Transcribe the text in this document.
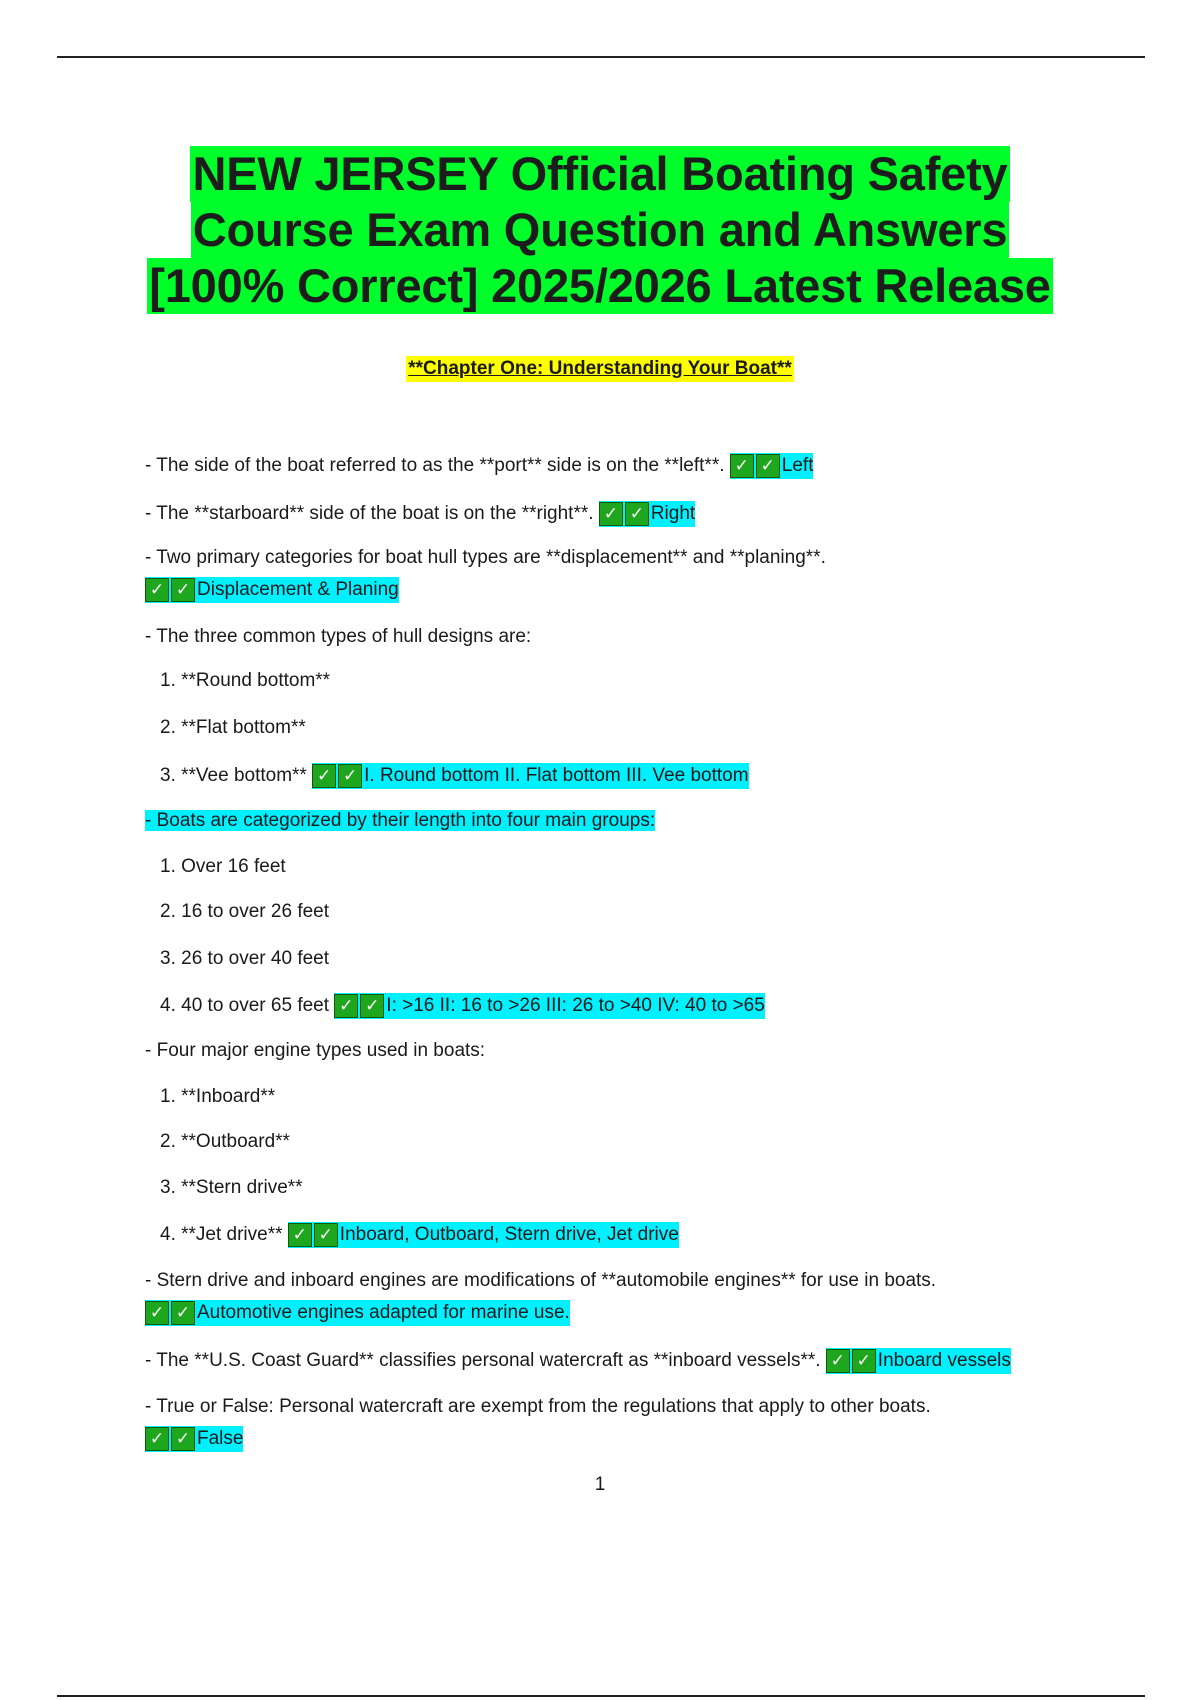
NEW JERSEY Official Boating Safety
Course Exam Question and Answers
[100% Correct] 2025/2026 Latest Release
**Chapter One: Understanding Your Boat**
- The side of the boat referred to as the **port** side is on the **left**. ✓ ✓ Left
- The **starboard** side of the boat is on the **right**. ✓ ✓ Right
- Two primary categories for boat hull types are **displacement** and **planing**.
✓ ✓ Displacement & Planing
- The three common types of hull designs are:
1. **Round bottom**
2. **Flat bottom**
3. **Vee bottom** ✓ ✓ I. Round bottom II. Flat bottom III. Vee bottom
- Boats are categorized by their length into four main groups:
1. Over 16 feet
2. 16 to over 26 feet
3. 26 to over 40 feet
4. 40 to over 65 feet ✓ ✓ I: >16 II: 16 to >26 III: 26 to >40 IV: 40 to >65
- Four major engine types used in boats:
1. **Inboard**
2. **Outboard**
3. **Stern drive**
4. **Jet drive** ✓ ✓ Inboard, Outboard, Stern drive, Jet drive
- Stern drive and inboard engines are modifications of **automobile engines** for use in boats.
✓ ✓ Automotive engines adapted for marine use.
- The **U.S. Coast Guard** classifies personal watercraft as **inboard vessels**. ✓ ✓ Inboard vessels
- True or False: Personal watercraft are exempt from the regulations that apply to other boats.
✓ ✓ False
1
